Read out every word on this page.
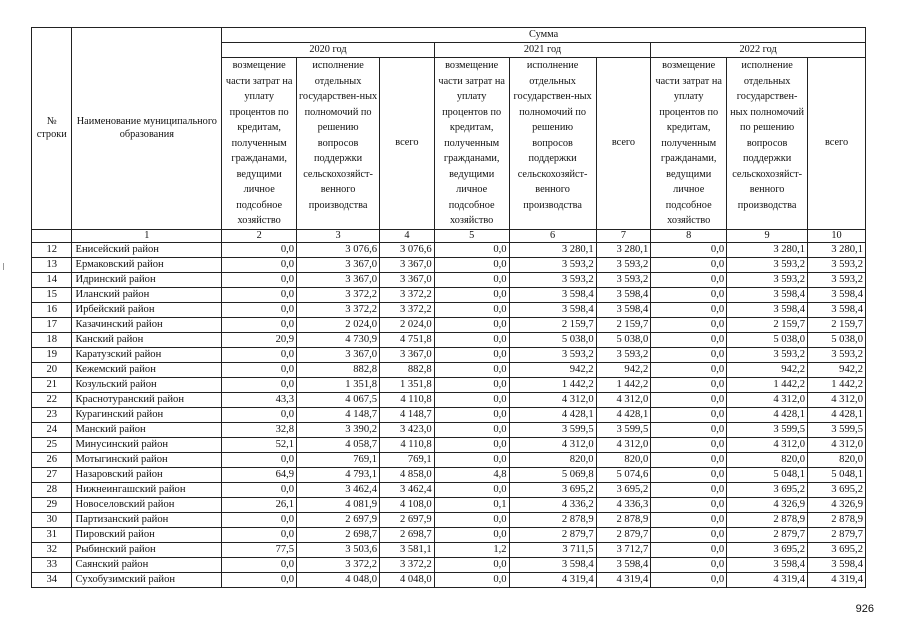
№ строки	Наименование муниципального образования	Сумма								
		2020 год			2021 год			2022 год		
		возмещение части затрат на уплату процентов по кредитам, полученным гражданами, ведущими личное подсобное хозяйство	исполнение отдельных государствен-ных полномочий по решению вопросов поддержки сельскохозяйст-венного производства	всего	возмещение части затрат на уплату процентов по кредитам, полученным гражданами, ведущими личное подсобное хозяйство	исполнение отдельных государствен-ных полномочий по решению вопросов поддержки сельскохозяйст-венного производства	всего	возмещение части затрат на уплату процентов по кредитам, полученным гражданами, ведущими личное подсобное хозяйство	исполнение отдельных государствен-ных полномочий по решению вопросов поддержки сельскохозяйст-венного производства	всего
	1	2	3	4	5	6	7	8	9	10
12	Енисейский район	0,0	3 076,6	3 076,6	0,0	3 280,1	3 280,1	0,0	3 280,1	3 280,1
13	Ермаковский район	0,0	3 367,0	3 367,0	0,0	3 593,2	3 593,2	0,0	3 593,2	3 593,2
14	Идринский район	0,0	3 367,0	3 367,0	0,0	3 593,2	3 593,2	0,0	3 593,2	3 593,2
15	Иланский район	0,0	3 372,2	3 372,2	0,0	3 598,4	3 598,4	0,0	3 598,4	3 598,4
16	Ирбейский район	0,0	3 372,2	3 372,2	0,0	3 598,4	3 598,4	0,0	3 598,4	3 598,4
17	Казачинский район	0,0	2 024,0	2 024,0	0,0	2 159,7	2 159,7	0,0	2 159,7	2 159,7
18	Канский район	20,9	4 730,9	4 751,8	0,0	5 038,0	5 038,0	0,0	5 038,0	5 038,0
19	Каратузский район	0,0	3 367,0	3 367,0	0,0	3 593,2	3 593,2	0,0	3 593,2	3 593,2
20	Кежемский район	0,0	882,8	882,8	0,0	942,2	942,2	0,0	942,2	942,2
21	Козульский район	0,0	1 351,8	1 351,8	0,0	1 442,2	1 442,2	0,0	1 442,2	1 442,2
22	Краснотуранский район	43,3	4 067,5	4 110,8	0,0	4 312,0	4 312,0	0,0	4 312,0	4 312,0
23	Курагинский район	0,0	4 148,7	4 148,7	0,0	4 428,1	4 428,1	0,0	4 428,1	4 428,1
24	Манский район	32,8	3 390,2	3 423,0	0,0	3 599,5	3 599,5	0,0	3 599,5	3 599,5
25	Минусинский район	52,1	4 058,7	4 110,8	0,0	4 312,0	4 312,0	0,0	4 312,0	4 312,0
26	Мотыгинский район	0,0	769,1	769,1	0,0	820,0	820,0	0,0	820,0	820,0
27	Назаровский район	64,9	4 793,1	4 858,0	4,8	5 069,8	5 074,6	0,0	5 048,1	5 048,1
28	Нижнеингашский район	0,0	3 462,4	3 462,4	0,0	3 695,2	3 695,2	0,0	3 695,2	3 695,2
29	Новоселовский район	26,1	4 081,9	4 108,0	0,1	4 336,2	4 336,3	0,0	4 326,9	4 326,9
30	Партизанский район	0,0	2 697,9	2 697,9	0,0	2 878,9	2 878,9	0,0	2 878,9	2 878,9
31	Пировский район	0,0	2 698,7	2 698,7	0,0	2 879,7	2 879,7	0,0	2 879,7	2 879,7
32	Рыбинский район	77,5	3 503,6	3 581,1	1,2	3 711,5	3 712,7	0,0	3 695,2	3 695,2
33	Саянский район	0,0	3 372,2	3 372,2	0,0	3 598,4	3 598,4	0,0	3 598,4	3 598,4
34	Сухобузимский район	0,0	4 048,0	4 048,0	0,0	4 319,4	4 319,4	0,0	4 319,4	4 319,4
926
